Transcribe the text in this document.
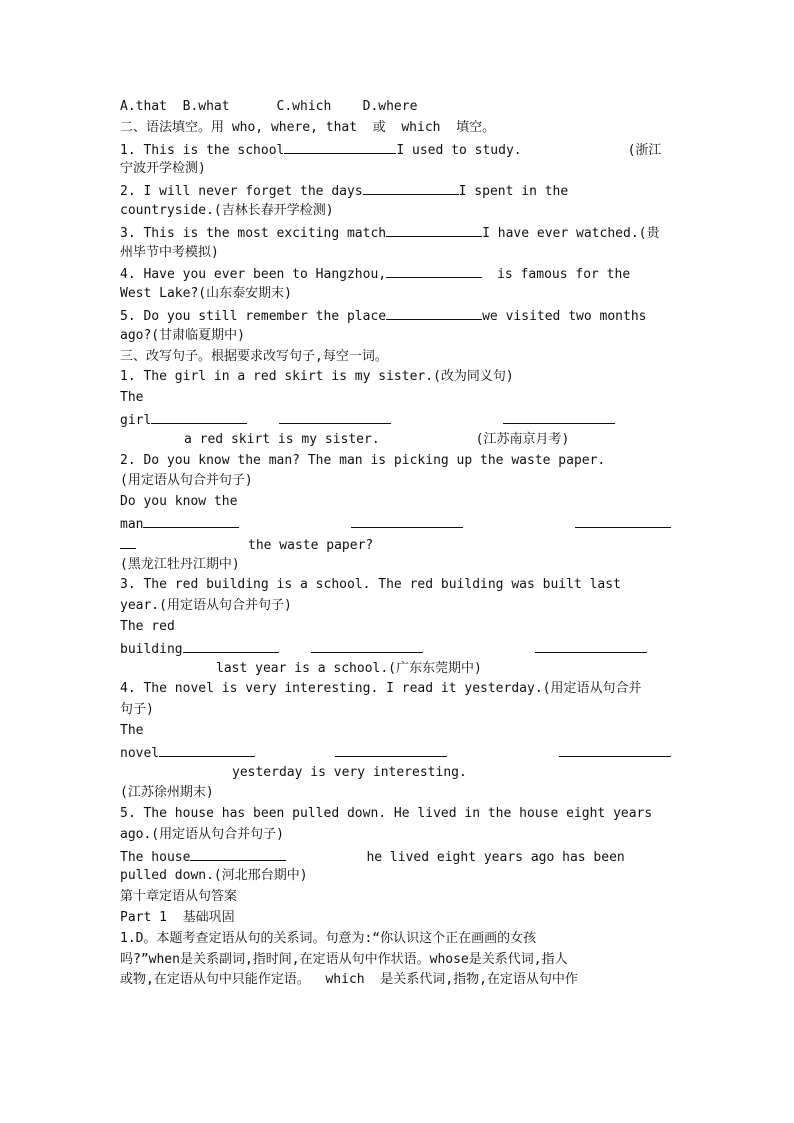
A.that  B.what      C.which    D.where
二、语法填空。用 who, where, that  或  which  填空。
1. This is the school	I used to study.	(浙江
宁波开学检测)
2. I will never forget the days	I spent in the
countryside.(吉林长春开学检测)
3. This is the most exciting match	I have ever watched.(贵
州毕节中考模拟)
4. Have you ever been to Hangzhou,	is famous for the
West Lake?(山东泰安期末)
5. Do you still remember the place	we visited two months
ago?(甘肃临夏期中)
三、改写句子。根据要求改写句子,每空一词。
1. The girl in a red skirt is my sister.(改为同义句)
The
girl
a red skirt is my sister.	(江苏南京月考)
2. Do you know the man? The man is picking up the waste paper.
(用定语从句合并句子)
Do you know the
man
the waste paper?
(黑龙江牡丹江期中)
3. The red building is a school. The red building was built last
year.(用定语从句合并句子)
The red
building
last year is a school.(广东东莞期中)
4. The novel is very interesting. I read it yesterday.(用定语从句合并
句子)
The
novel
yesterday is very interesting.
(江苏徐州期末)
5. The house has been pulled down. He lived in the house eight years
ago.(用定语从句合并句子)
The house	he lived eight years ago has been
pulled down.(河北邢台期中)
第十章定语从句答案
Part 1  基础巩固
1.D。本题考查定语从句的关系词。句意为:“你认识这个正在画画的女孩
吗?”when是关系副词,指时间,在定语从句中作状语。whose是关系代词,指人
或物,在定语从句中只能作定语。  which  是关系代词,指物,在定语从句中作
